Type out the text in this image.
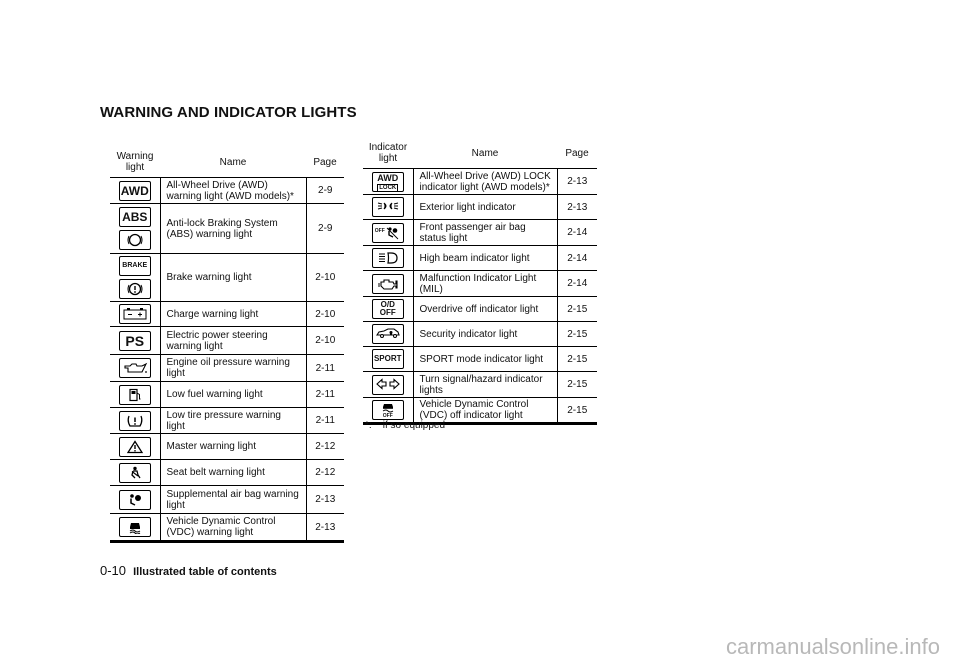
WARNING AND INDICATOR LIGHTS
Warning
light	Name	Page
AWD	All-Wheel Drive (AWD) warning light (AWD models)*	2-9

ABS	Anti-lock Braking System (ABS) warning light	2-9

BRAKE	Brake warning light	2-10

	Charge warning light	2-10
PS	Electric power steering warning light	2-10

	Engine oil pressure warning light	2-11

	Low fuel warning light	2-11

	Low tire pressure warning light	2-11

	Master warning light	2-12

	Seat belt warning light	2-12

	Supplemental air bag warning light	2-13

	Vehicle Dynamic Control (VDC) warning light	2-13
Indicator
light	Name	Page
AWD
LOCK	All-Wheel Drive (AWD) LOCK indicator light (AWD models)*	2-13

	Exterior light indicator	2-13

OFF	Front passenger air bag status light	2-14

	High beam indicator light	2-14

	Malfunction Indicator Light (MIL)	2-14
O/D
OFF	Overdrive off indicator light	2-15

	Security indicator light	2-15
SPORT	SPORT mode indicator light	2-15

	Turn signal/hazard indicator lights	2-15

OFF	Vehicle Dynamic Control (VDC) off indicator light	2-15
*:    if so equipped
0-10 Illustrated table of contents
carmanualsonline.info
